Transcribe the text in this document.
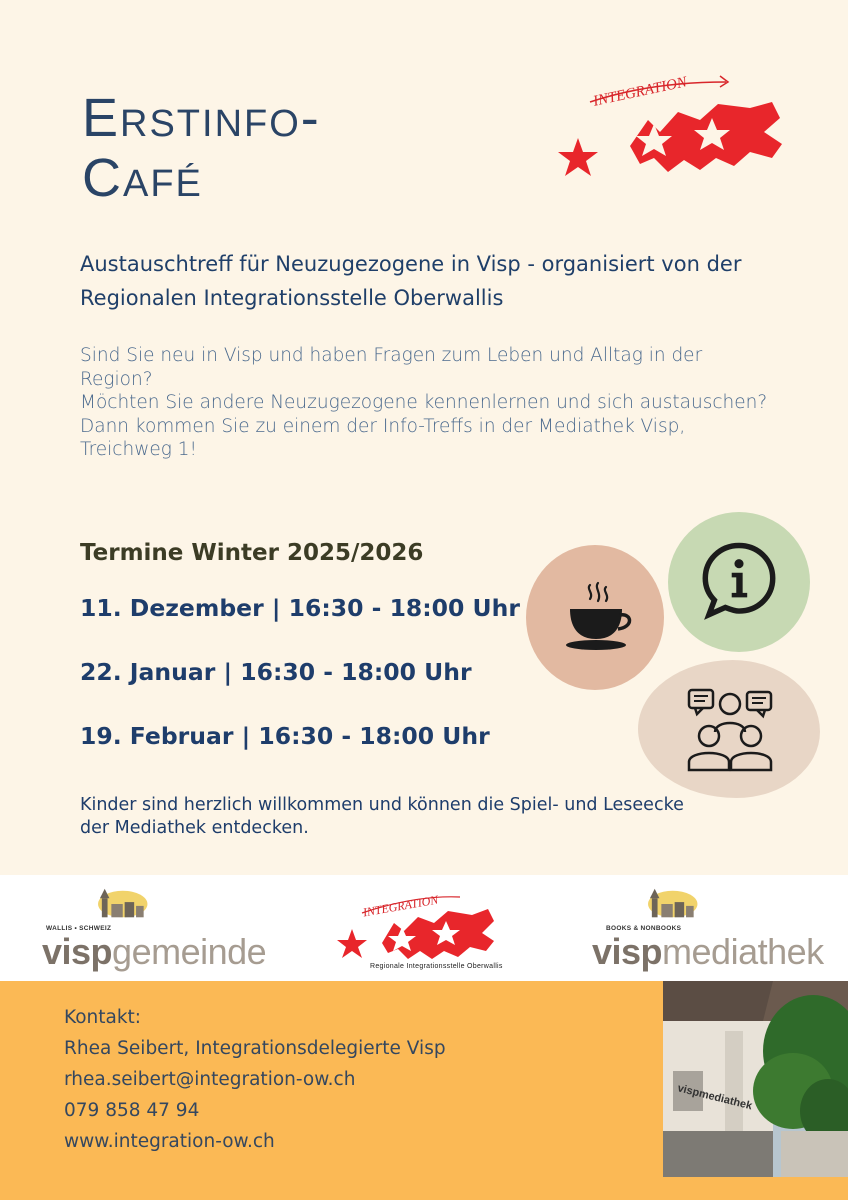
Erstinfo-
Café
INTEGRATION
Austauschtreff für Neuzugezogene in Visp - organisiert von der Regionalen Integrationsstelle Oberwallis

Sind Sie neu in Visp und haben Fragen zum Leben und Alltag in der Region?

Möchten Sie andere Neuzugezogene kennenlernen und sich austauschen?

Dann kommen Sie zu einem der Info-Treffs in der Mediathek Visp, Treichweg 1!

Termine Winter 2025/2026
11. Dezember | 16:30 - 18:00 Uhr
22. Januar | 16:30 - 18:00 Uhr
19. Februar | 16:30 - 18:00 Uhr
Kinder sind herzlich willkommen und können die Spiel- und Leseecke der Mediathek entdecken.
WALLIS • SCHWEIZ
vispgemeinde
INTEGRATION
Regionale Integrationsstelle Oberwallis
BOOKS & NONBOOKS
vispmediathek
Kontakt:
Rhea Seibert, Integrationsdelegierte Visp
rhea.seibert@integration-ow.ch
079 858 47 94
www.integration-ow.ch
vispmediathek
